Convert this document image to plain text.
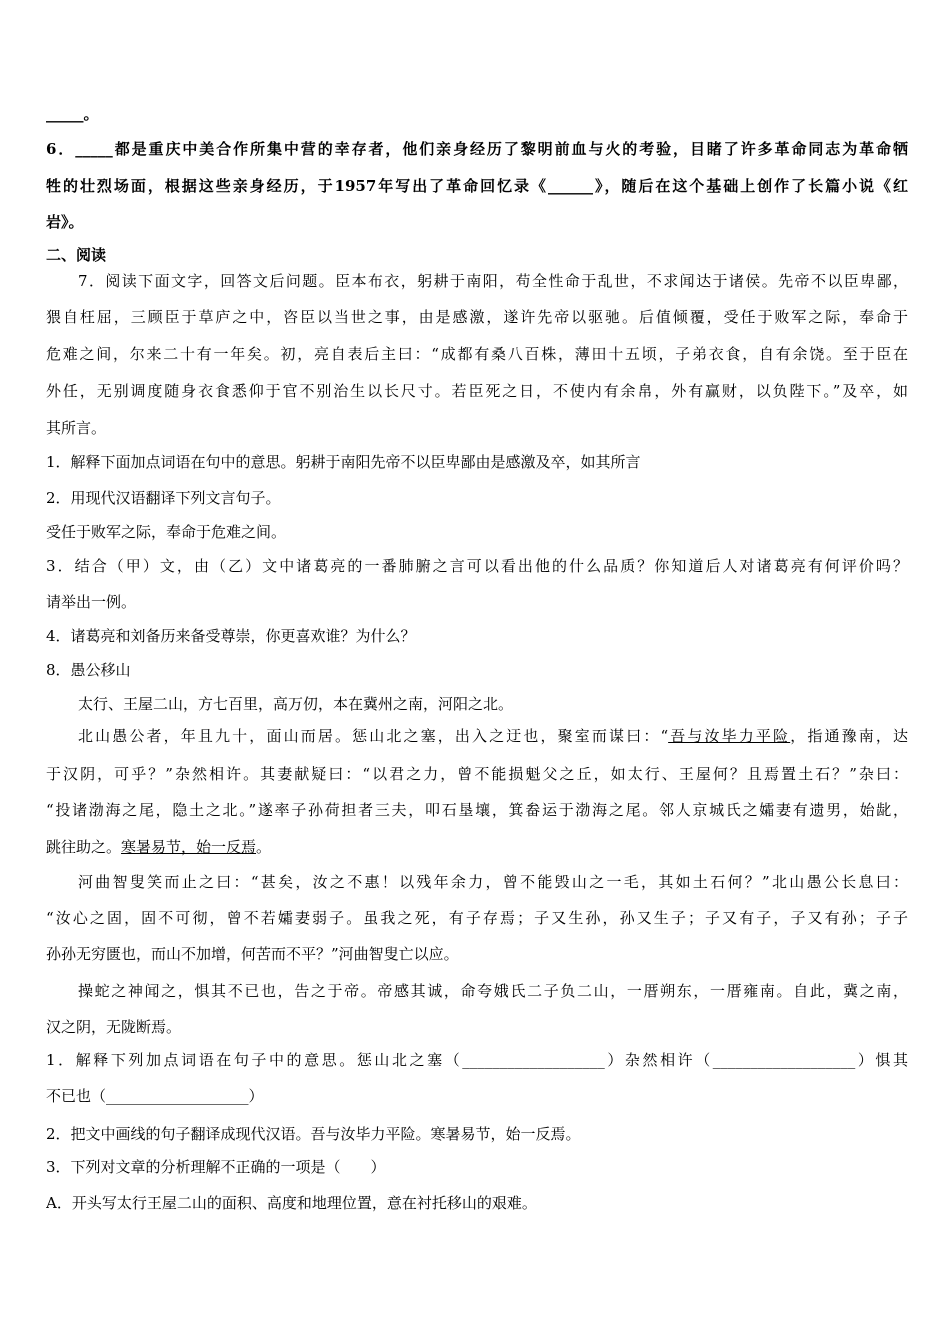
_____。
6．_____都是重庆中美合作所集中营的幸存者，他们亲身经历了黎明前血与火的考验，目睹了许多革命同志为革命牺
牲的壮烈场面，根据这些亲身经历，于1957年写出了革命回忆录《______》，随后在这个基础上创作了长篇小说《红
岩》。
二、阅读
7．阅读下面文字，回答文后问题。臣本布衣，躬耕于南阳，苟全性命于乱世，不求闻达于诸侯。先帝不以臣卑鄙，
猥自枉屈，三顾臣于草庐之中，咨臣以当世之事，由是感激，遂许先帝以驱驰。后值倾覆，受任于败军之际，奉命于
危难之间，尔来二十有一年矣。初，亮自表后主曰：“成都有桑八百株，薄田十五顷，子弟衣食，自有余饶。至于臣在
外任，无别调度随身衣食悉仰于官不别治生以长尺寸。若臣死之日，不使内有余帛，外有赢财，以负陛下。”及卒，如
其所言。
1．解释下面加点词语在句中的意思。躬耕于南阳先帝不以臣卑鄙由是感激及卒，如其所言
2．用现代汉语翻译下列文言句子。
受任于败军之际，奉命于危难之间。
3．结合（甲）文，由（乙）文中诸葛亮的一番肺腑之言可以看出他的什么品质？你知道后人对诸葛亮有何评价吗？
请举出一例。
4．诸葛亮和刘备历来备受尊崇，你更喜欢谁？为什么？
8．愚公移山
太行、王屋二山，方七百里，高万仞，本在冀州之南，河阳之北。
北山愚公者，年且九十，面山而居。惩山北之塞，出入之迂也，聚室而谋曰：“吾与汝毕力平险，指通豫南，达
于汉阴，可乎？”杂然相许。其妻献疑曰：“以君之力，曾不能损魁父之丘，如太行、王屋何？且焉置土石？”杂曰：
“投诸渤海之尾，隐土之北。”遂率子孙荷担者三夫，叩石垦壤，箕畚运于渤海之尾。邻人京城氏之孀妻有遗男，始龀，
跳往助之。寒暑易节，始一反焉。
河曲智叟笑而止之曰：“甚矣，汝之不惠！以残年余力，曾不能毁山之一毛，其如土石何？”北山愚公长息曰：
“汝心之固，固不可彻，曾不若孀妻弱子。虽我之死，有子存焉；子又生孙，孙又生子；子又有子，子又有孙；子子
孙孙无穷匮也，而山不加增，何苦而不平？”河曲智叟亡以应。
操蛇之神闻之，惧其不已也，告之于帝。帝感其诚，命夸娥氏二子负二山，一厝朔东，一厝雍南。自此，冀之南，
汉之阴，无陇断焉。
1．解释下列加点词语在句子中的意思。惩山北之塞（___________________）杂然相许（___________________）惧其
不已也（___________________）
2．把文中画线的句子翻译成现代汉语。吾与汝毕力平险。寒暑易节，始一反焉。
3．下列对文章的分析理解不正确的一项是（　　）
A．开头写太行王屋二山的面积、高度和地理位置，意在衬托移山的艰难。
